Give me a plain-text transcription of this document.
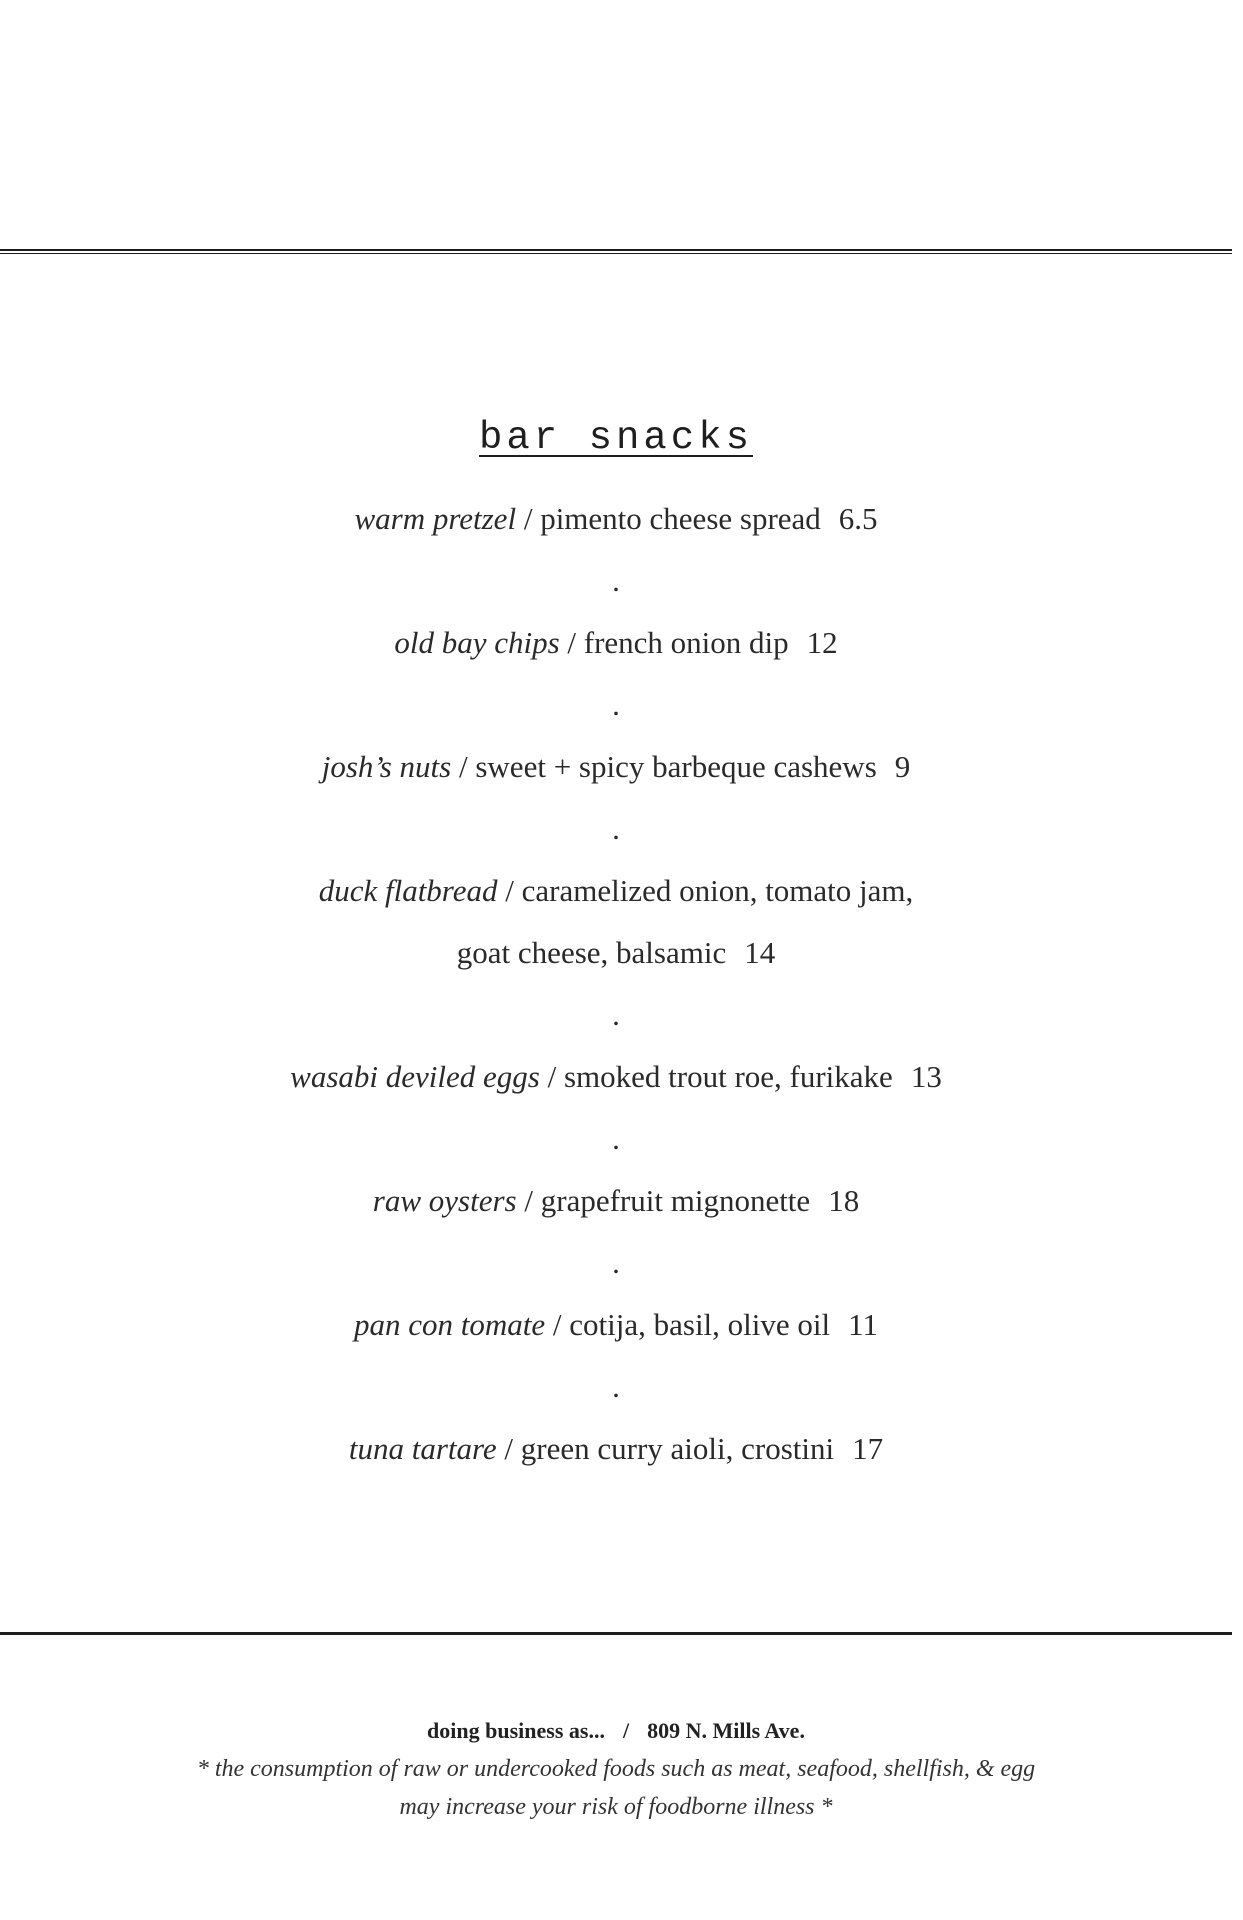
bar snacks

warm pretzel / pimento cheese spread 6.5

.

old bay chips / french onion dip 12

.

josh’s nuts / sweet + spicy barbeque cashews 9

.

duck flatbread / caramelized onion, tomato jam,

goat cheese, balsamic 14

.

wasabi deviled eggs / smoked trout roe, furikake 13

.

raw oysters / grapefruit mignonette 18

.

pan con tomate / cotija, basil, olive oil 11

.

tuna tartare / green curry aioli, crostini 17

doing business as... / 809 N. Mills Ave.
* the consumption of raw or undercooked foods such as meat, seafood, shellfish, & egg
may increase your risk of foodborne illness *
